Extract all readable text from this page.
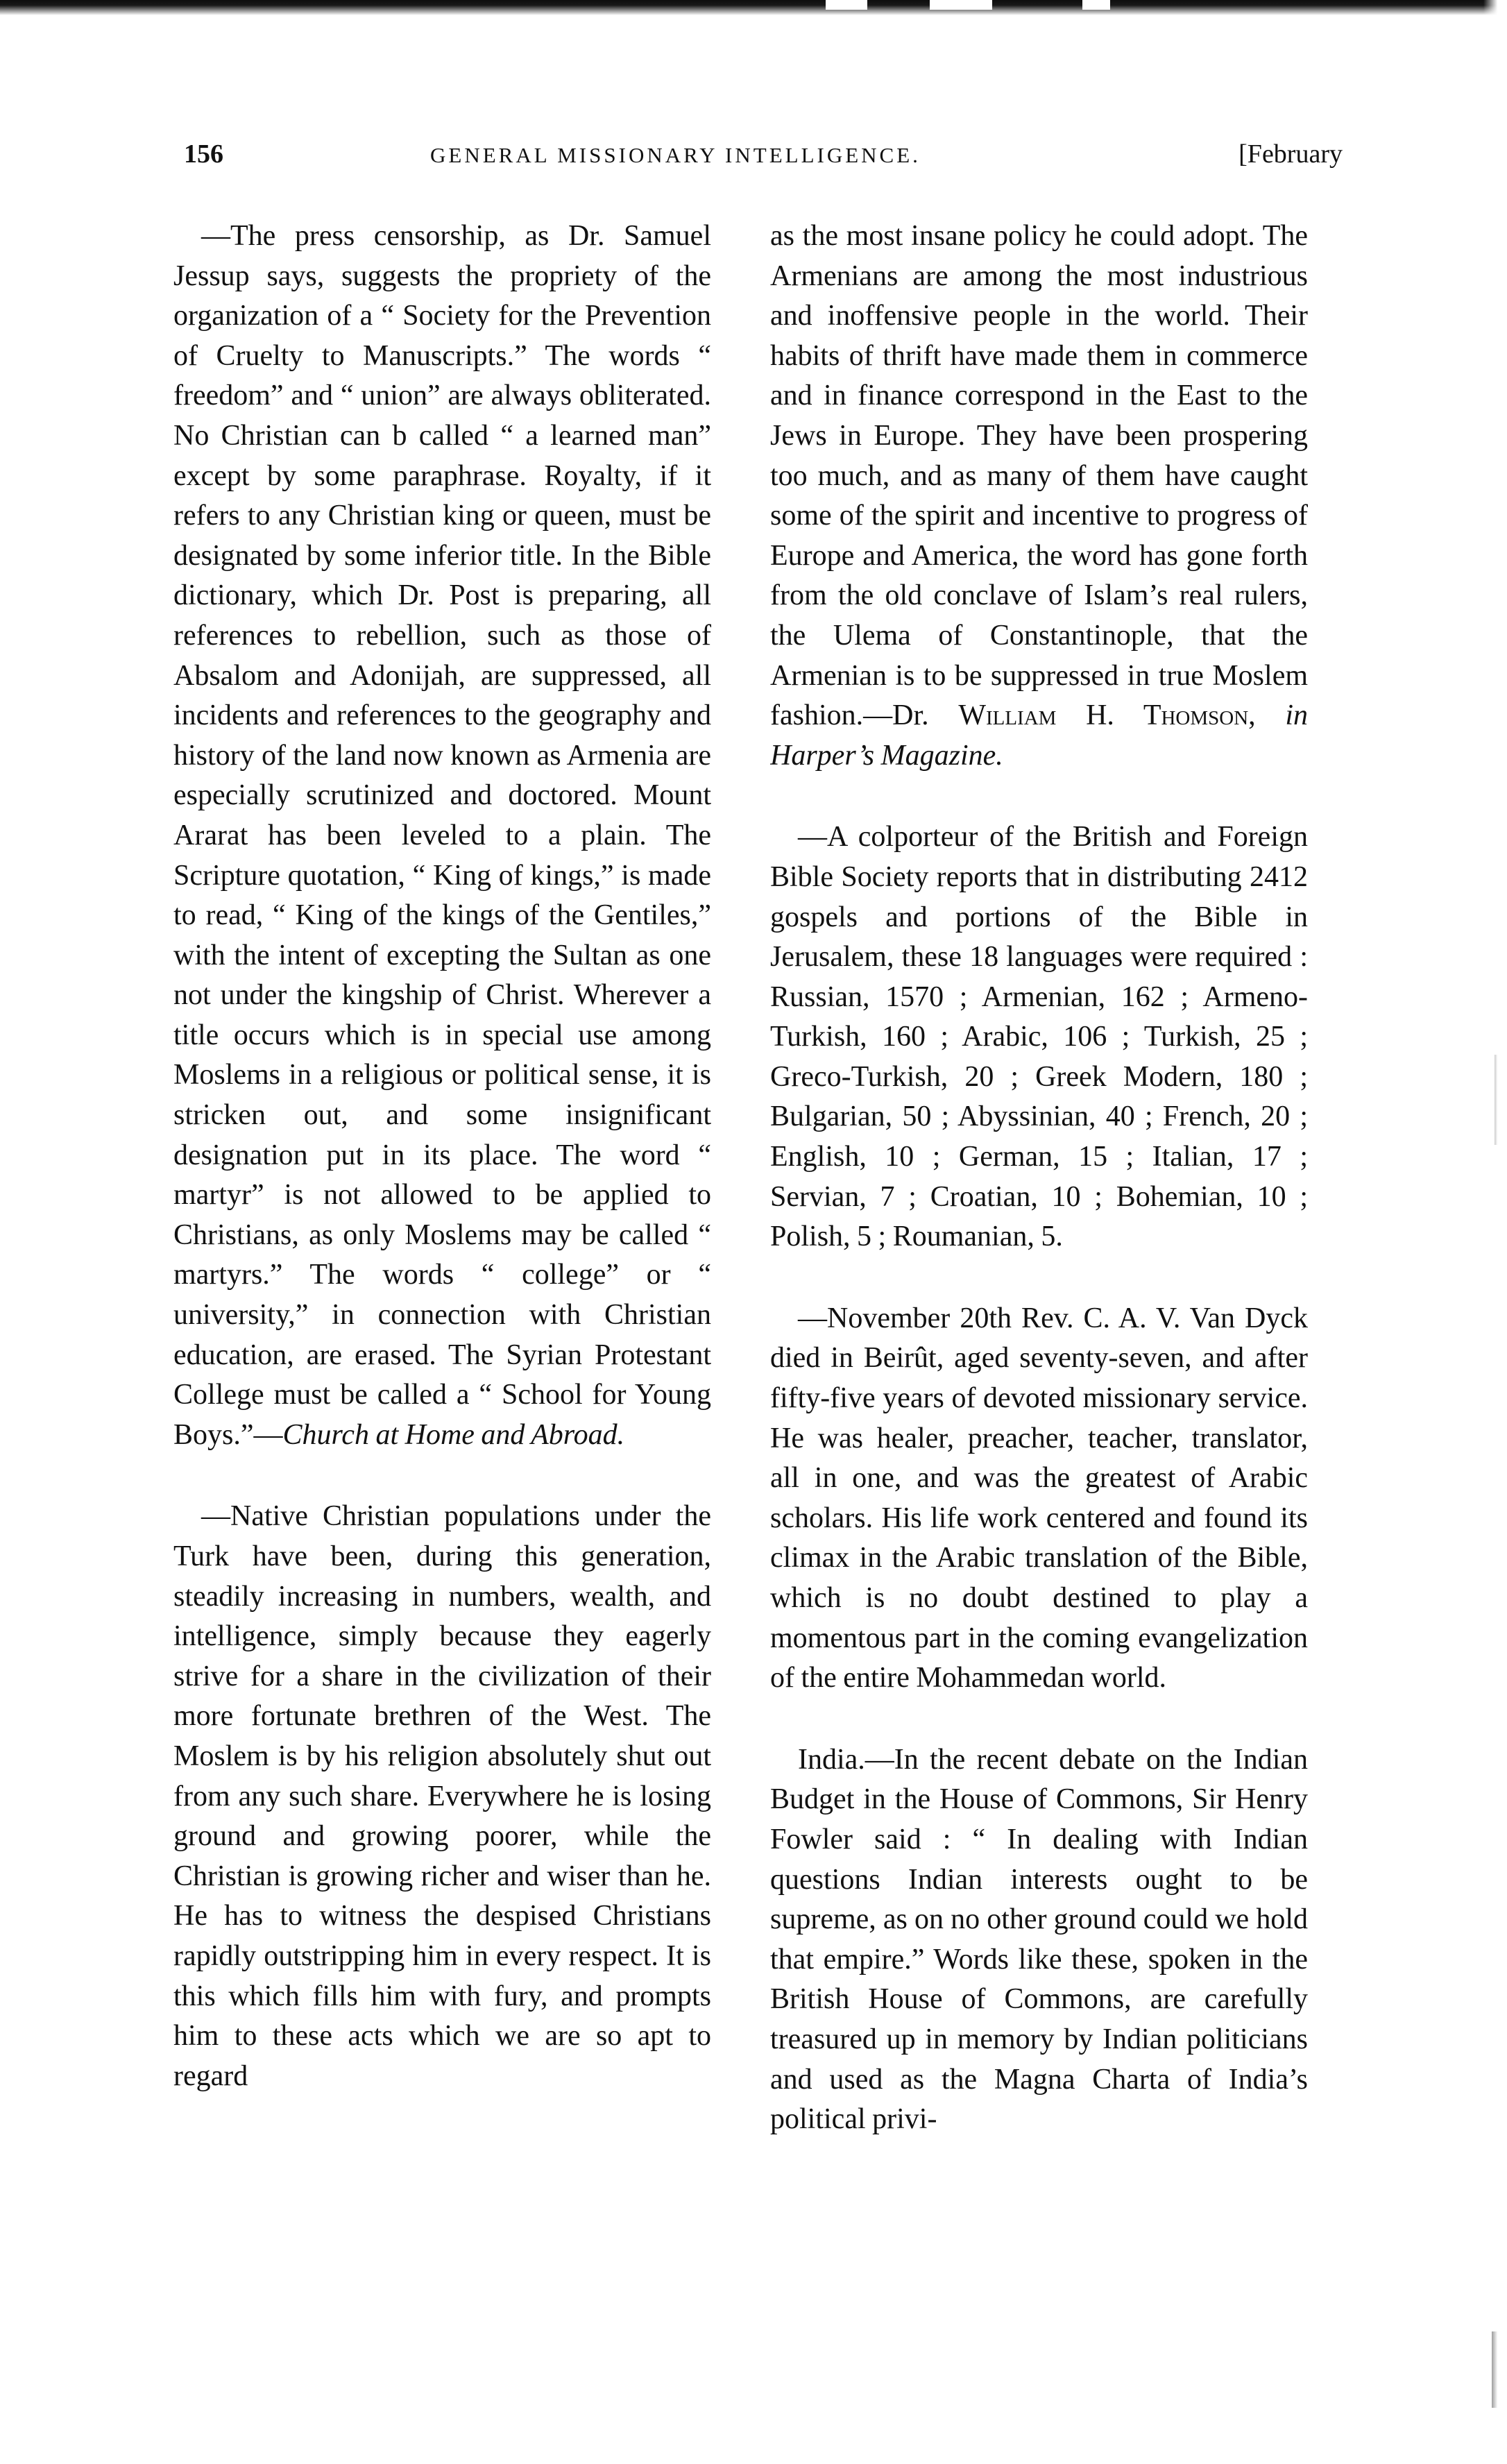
156	GENERAL MISSIONARY INTELLIGENCE.	[February

—The press censorship, as Dr. Samuel Jessup says, suggests the propriety of the organization of a “ Society for the Prevention of Cruelty to Manuscripts.” The words “ freedom” and “ union” are always obliterated. No Christian can b called “ a learned man” except by some paraphrase. Royalty, if it refers to any Christian king or queen, must be designated by some inferior title. In the Bible dictionary, which Dr. Post is preparing, all references to rebellion, such as those of Absalom and Adonijah, are suppressed, all incidents and references to the geography and history of the land now known as Armenia are especially scrutinized and doctored. Mount Ararat has been leveled to a plain. The Scripture quotation, “ King of kings,” is made to read, “ King of the kings of the Gentiles,” with the intent of excepting the Sultan as one not under the kingship of Christ. Wherever a title occurs which is in special use among Moslems in a religious or political sense, it is stricken out, and some insignificant designation put in its place. The word “ martyr” is not allowed to be applied to Christians, as only Moslems may be called “ martyrs.” The words “ college” or “ university,” in connection with Christian education, are erased. The Syrian Protestant College must be called a “ School for Young Boys.”—Church at Home and Abroad.

—Native Christian populations under the Turk have been, during this generation, steadily increasing in numbers, wealth, and intelligence, simply because they eagerly strive for a share in the civilization of their more fortunate brethren of the West. The Moslem is by his religion absolutely shut out from any such share. Everywhere he is losing ground and growing poorer, while the Christian is growing richer and wiser than he. He has to witness the despised Christians rapidly outstripping him in every respect. It is this which fills him with fury, and prompts him to these acts which we are so apt to regard

as the most insane policy he could adopt. The Armenians are among the most industrious and inoffensive people in the world. Their habits of thrift have made them in commerce and in finance correspond in the East to the Jews in Europe. They have been prospering too much, and as many of them have caught some of the spirit and incentive to progress of Europe and America, the word has gone forth from the old conclave of Islam’s real rulers, the Ulema of Constantinople, that the Armenian is to be suppressed in true Moslem fashion.—Dr. William H. Thomson, in Harper’s Magazine.

—A colporteur of the British and Foreign Bible Society reports that in distributing 2412 gospels and portions of the Bible in Jerusalem, these 18 languages were required : Russian, 1570 ; Armenian, 162 ; Armeno-Turkish, 160 ; Arabic, 106 ; Turkish, 25 ; Greco-Turkish, 20 ; Greek Modern, 180 ; Bulgarian, 50 ; Abyssinian, 40 ; French, 20 ; English, 10 ; German, 15 ; Italian, 17 ; Servian, 7 ; Croatian, 10 ; Bohemian, 10 ; Polish, 5 ; Roumanian, 5.

—November 20th Rev. C. A. V. Van Dyck died in Beirût, aged seventy-seven, and after fifty-five years of devoted missionary service. He was healer, preacher, teacher, translator, all in one, and was the greatest of Arabic scholars. His life work centered and found its climax in the Arabic translation of the Bible, which is no doubt destined to play a momentous part in the coming evangelization of the entire Mohammedan world.

India.—In the recent debate on the Indian Budget in the House of Commons, Sir Henry Fowler said : “ In dealing with Indian questions Indian interests ought to be supreme, as on no other ground could we hold that empire.” Words like these, spoken in the British House of Commons, are carefully treasured up in memory by Indian politicians and used as the Magna Charta of India’s political privi-
